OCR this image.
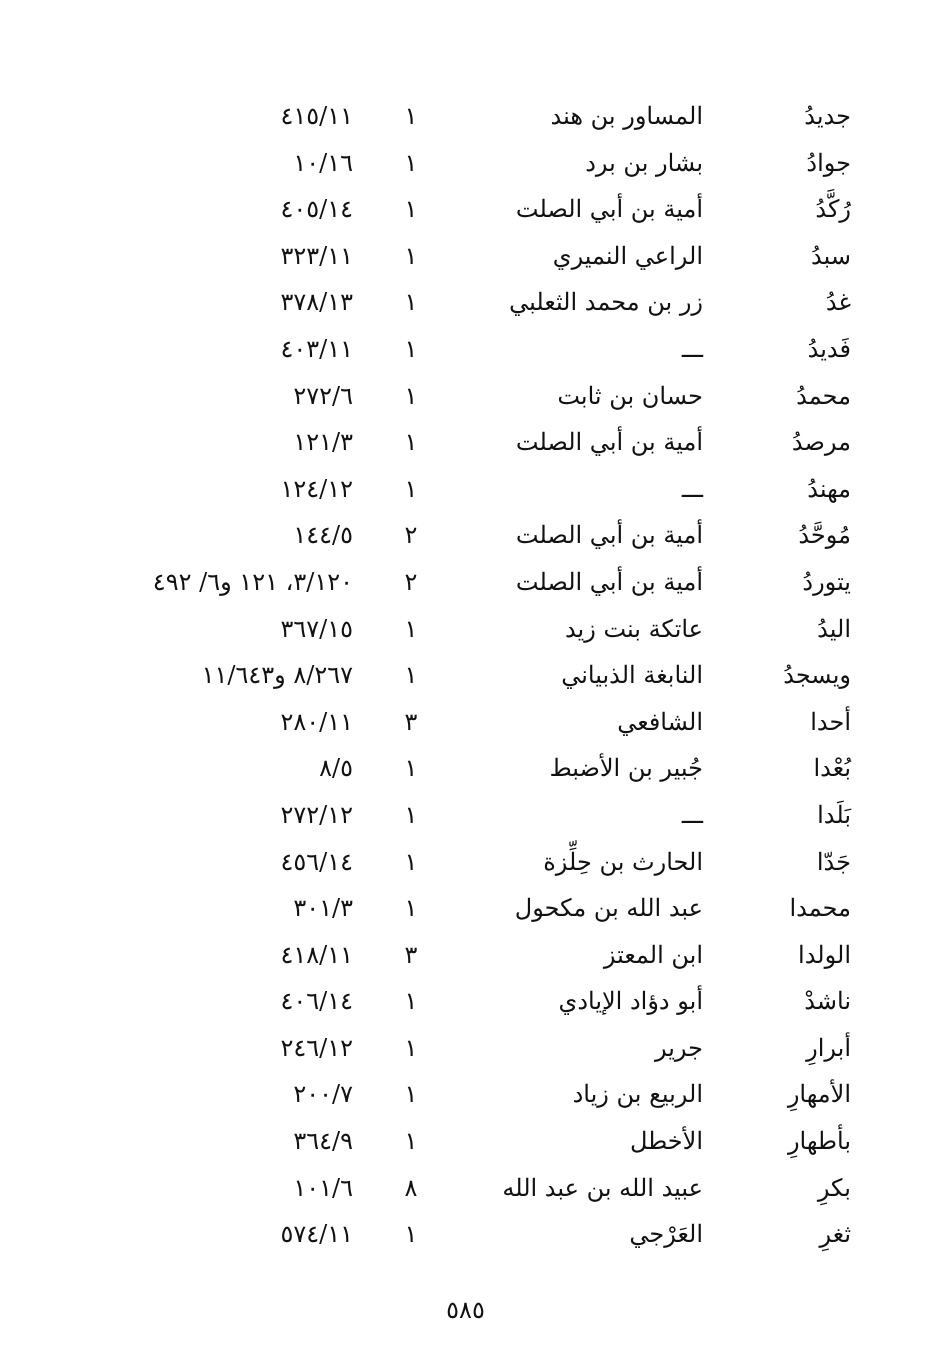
جديدُ
المساور بن هند
١
٤١٥/١١
جوادُ
بشار بن برد
١
١٠/١٦
رُكَّدُ
أمية بن أبي الصلت
١
٤٠٥/١٤
سبدُ
الراعي النميري
١
٣٢٣/١١
غدُ
زر بن محمد الثعلبي
١
٣٧٨/١٣
فَديدُ
ـــ
١
٤٠٣/١١
محمدُ
حسان بن ثابت
١
٢٧٢/٦
مرصدُ
أمية بن أبي الصلت
١
١٢١/٣
مهندُ
ـــ
١
١٢٤/١٢
مُوحَّدُ
أمية بن أبي الصلت
٢
١٤٤/٥
يتوردُ
أمية بن أبي الصلت
٢
٣/١٢٠، ١٢١ و٦/ ٤٩٢
اليدُ
عاتكة بنت زيد
١
٣٦٧/١٥
ويسجدُ
النابغة الذبياني
١
٨/٢٦٧ و١١/٦٤٣
أحدا
الشافعي
٣
٢٨٠/١١
بُعْدا
جُبير بن الأضبط
١
٨/٥
بَلَدا
ـــ
١
٢٧٢/١٢
جَدّا
الحارث بن حِلِّزة
١
٤٥٦/١٤
محمدا
عبد الله بن مكحول
١
٣٠١/٣
الولدا
ابن المعتز
٣
٤١٨/١١
ناشدْ
أبو دؤاد الإيادي
١
٤٠٦/١٤
أبرارِ
جرير
١
٢٤٦/١٢
الأمهارِ
الربيع بن زياد
١
٢٠٠/٧
بأطهارِ
الأخطل
١
٣٦٤/٩
بكرِ
عبيد الله بن عبد الله
٨
١٠١/٦
ثغرِ
العَرْجي
١
٥٧٤/١١
٥٨٥
